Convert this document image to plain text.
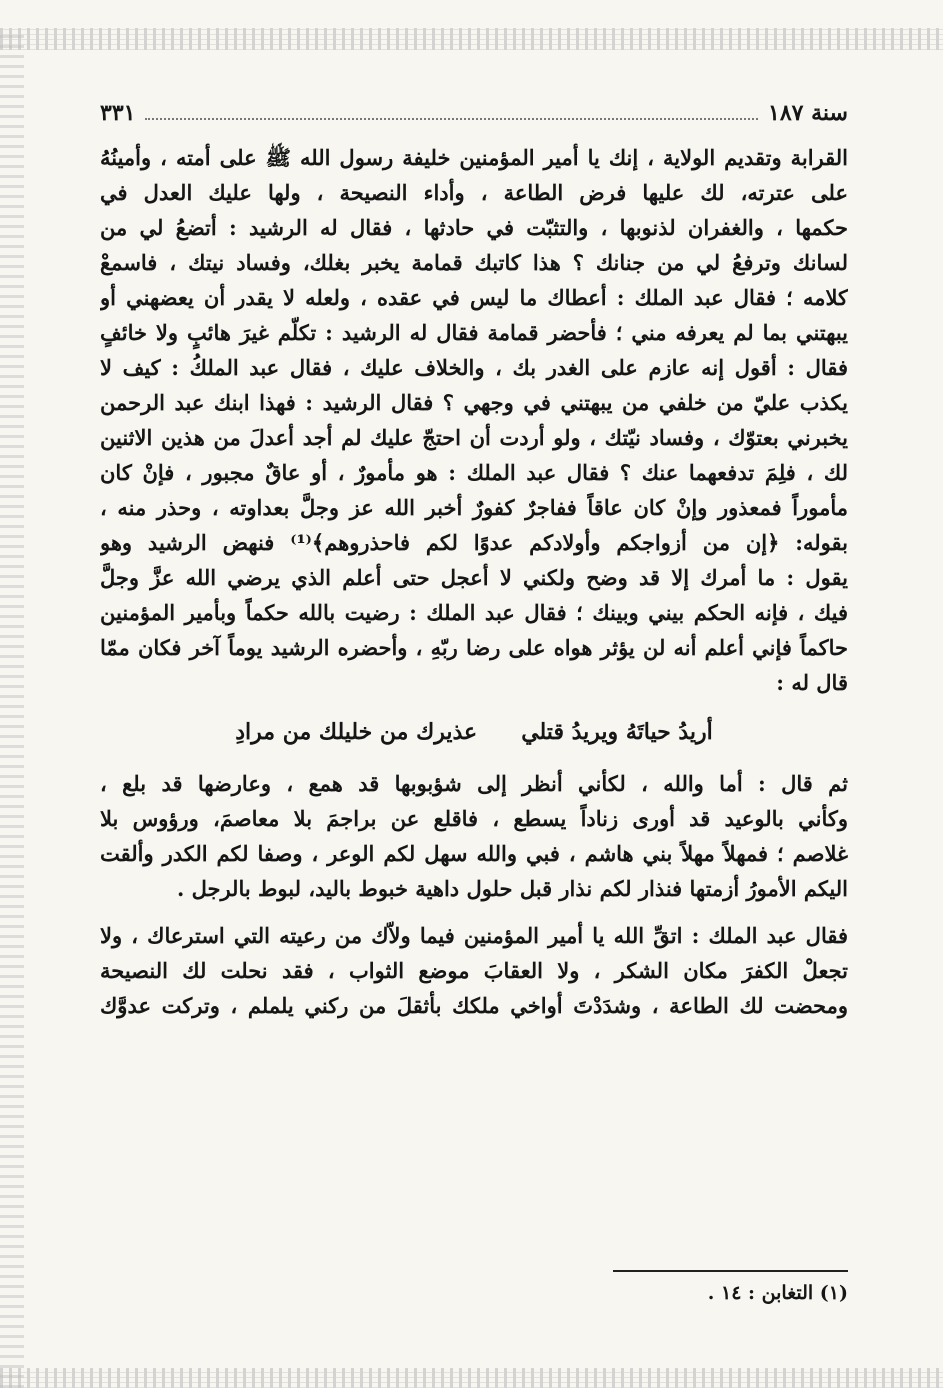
سنة ١٨٧
٣٣١
القرابة وتقديم الولاية ، إنك يا أمير المؤمنين خليفة رسول الله ﷺ على أمته ، وأمينُهُ
على عترته، لك عليها فرض الطاعة ، وأداء النصيحة ، ولها عليك العدل في
حكمها ، والغفران لذنوبها ، والتثبّت في حادثها ، فقال له الرشيد : أتضعُ لي من
لسانك وترفعُ لي من جنانك ؟ هذا كاتبك قمامة يخبر بغلك، وفساد نيتك ، فاسمعْ
كلامه ؛ فقال عبد الملك : أعطاك ما ليس في عقده ، ولعله لا يقدر أن يعضهني أو
يبهتني بما لم يعرفه مني ؛ فأحضر قمامة فقال له الرشيد : تكلّم غيرَ هائبٍ ولا خائفٍ
فقال : أقول إنه عازم على الغدر بك ، والخلاف عليك ، فقال عبد الملكُ : كيف لا
يكذب عليّ من خلفي من يبهتني في وجهي ؟ فقال الرشيد : فهذا ابنك عبد الرحمن
يخبرني بعتوّك ، وفساد نيّتك ، ولو أردت أن احتجّ عليك لم أجد أعدلَ من هذين الاثنين
لك ، فلِمَ تدفعهما عنك ؟ فقال عبد الملك : هو مأمورٌ ، أو عاقٌ مجبور ، فإنْ كان
مأموراً فمعذور وإنْ كان عاقاً ففاجرٌ كفورٌ أخبر الله عز وجلَّ بعداوته ، وحذر منه ،
بقوله: ﴿إن من أزواجكم وأولادكم عدوًا لكم فاحذروهم﴾⁽¹⁾ فنهض الرشيد وهو
يقول : ما أمرك إلا قد وضح ولكني لا أعجل حتى أعلم الذي يرضي الله عزَّ وجلَّ
فيك ، فإنه الحكم بيني وبينك ؛ فقال عبد الملك : رضيت بالله حكماً وبأمير المؤمنين
حاكماً فإني أعلم أنه لن يؤثر هواه على رضا ربّهِ ، وأحضره الرشيد يوماً آخر فكان ممّا
قال له :
أريدُ حياتَهُ ويريدُ قتلي
عذيرك من خليلك من مرادِ
ثم قال : أما والله ، لكأني أنظر إلى شؤبوبها قد همع ، وعارضها قد بلع ،
وكأني بالوعيد قد أورى زناداً يسطع ، فاقلع عن براجمَ بلا معاصمَ، ورؤوس بلا
غلاصم ؛ فمهلاً مهلاً بني هاشم ، فبي والله سهل لكم الوعر ، وصفا لكم الكدر وألقت
اليكم الأمورُ أزمتها فنذار لكم نذار قبل حلول داهية خبوط باليد، لبوط بالرجل .
فقال عبد الملك : اتقِّ الله يا أمير المؤمنين فيما ولاّك من رعيته التي استرعاك ، ولا
تجعلْ الكفرَ مكان الشكر ، ولا العقابَ موضع الثواب ، فقد نحلت لك النصيحة
ومحضت لك الطاعة ، وشدَدْتَ أواخي ملكك بأثقلَ من ركني يلملم ، وتركت عدوَّك
(١) التغابن : ١٤ .
